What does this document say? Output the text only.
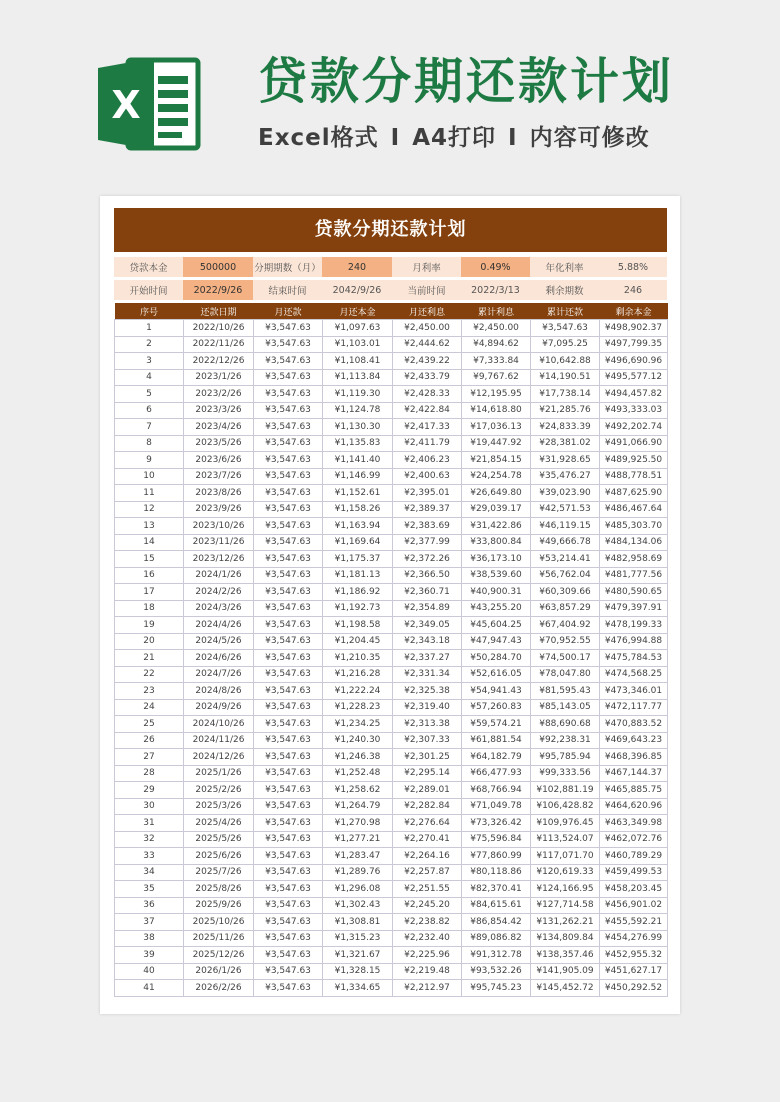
X 贷款分期还款计划
Excel格式 I A4打印 I 内容可修改
贷款分期还款计划
贷款本金	500000	分期期数（月）	240	月利率	0.49%	年化利率	5.88%
开始时间	2022/9/26	结束时间	2042/9/26	当前时间	2022/3/13	剩余期数	246
序号	还款日期	月还款	月还本金	月还利息	累计利息	累计还款	剩余本金
1	2022/10/26	¥3,547.63	¥1,097.63	¥2,450.00	¥2,450.00	¥3,547.63	¥498,902.37
2	2022/11/26	¥3,547.63	¥1,103.01	¥2,444.62	¥4,894.62	¥7,095.25	¥497,799.35
3	2022/12/26	¥3,547.63	¥1,108.41	¥2,439.22	¥7,333.84	¥10,642.88	¥496,690.96
4	2023/1/26	¥3,547.63	¥1,113.84	¥2,433.79	¥9,767.62	¥14,190.51	¥495,577.12
5	2023/2/26	¥3,547.63	¥1,119.30	¥2,428.33	¥12,195.95	¥17,738.14	¥494,457.82
6	2023/3/26	¥3,547.63	¥1,124.78	¥2,422.84	¥14,618.80	¥21,285.76	¥493,333.03
7	2023/4/26	¥3,547.63	¥1,130.30	¥2,417.33	¥17,036.13	¥24,833.39	¥492,202.74
8	2023/5/26	¥3,547.63	¥1,135.83	¥2,411.79	¥19,447.92	¥28,381.02	¥491,066.90
9	2023/6/26	¥3,547.63	¥1,141.40	¥2,406.23	¥21,854.15	¥31,928.65	¥489,925.50
10	2023/7/26	¥3,547.63	¥1,146.99	¥2,400.63	¥24,254.78	¥35,476.27	¥488,778.51
11	2023/8/26	¥3,547.63	¥1,152.61	¥2,395.01	¥26,649.80	¥39,023.90	¥487,625.90
12	2023/9/26	¥3,547.63	¥1,158.26	¥2,389.37	¥29,039.17	¥42,571.53	¥486,467.64
13	2023/10/26	¥3,547.63	¥1,163.94	¥2,383.69	¥31,422.86	¥46,119.15	¥485,303.70
14	2023/11/26	¥3,547.63	¥1,169.64	¥2,377.99	¥33,800.84	¥49,666.78	¥484,134.06
15	2023/12/26	¥3,547.63	¥1,175.37	¥2,372.26	¥36,173.10	¥53,214.41	¥482,958.69
16	2024/1/26	¥3,547.63	¥1,181.13	¥2,366.50	¥38,539.60	¥56,762.04	¥481,777.56
17	2024/2/26	¥3,547.63	¥1,186.92	¥2,360.71	¥40,900.31	¥60,309.66	¥480,590.65
18	2024/3/26	¥3,547.63	¥1,192.73	¥2,354.89	¥43,255.20	¥63,857.29	¥479,397.91
19	2024/4/26	¥3,547.63	¥1,198.58	¥2,349.05	¥45,604.25	¥67,404.92	¥478,199.33
20	2024/5/26	¥3,547.63	¥1,204.45	¥2,343.18	¥47,947.43	¥70,952.55	¥476,994.88
21	2024/6/26	¥3,547.63	¥1,210.35	¥2,337.27	¥50,284.70	¥74,500.17	¥475,784.53
22	2024/7/26	¥3,547.63	¥1,216.28	¥2,331.34	¥52,616.05	¥78,047.80	¥474,568.25
23	2024/8/26	¥3,547.63	¥1,222.24	¥2,325.38	¥54,941.43	¥81,595.43	¥473,346.01
24	2024/9/26	¥3,547.63	¥1,228.23	¥2,319.40	¥57,260.83	¥85,143.05	¥472,117.77
25	2024/10/26	¥3,547.63	¥1,234.25	¥2,313.38	¥59,574.21	¥88,690.68	¥470,883.52
26	2024/11/26	¥3,547.63	¥1,240.30	¥2,307.33	¥61,881.54	¥92,238.31	¥469,643.23
27	2024/12/26	¥3,547.63	¥1,246.38	¥2,301.25	¥64,182.79	¥95,785.94	¥468,396.85
28	2025/1/26	¥3,547.63	¥1,252.48	¥2,295.14	¥66,477.93	¥99,333.56	¥467,144.37
29	2025/2/26	¥3,547.63	¥1,258.62	¥2,289.01	¥68,766.94	¥102,881.19	¥465,885.75
30	2025/3/26	¥3,547.63	¥1,264.79	¥2,282.84	¥71,049.78	¥106,428.82	¥464,620.96
31	2025/4/26	¥3,547.63	¥1,270.98	¥2,276.64	¥73,326.42	¥109,976.45	¥463,349.98
32	2025/5/26	¥3,547.63	¥1,277.21	¥2,270.41	¥75,596.84	¥113,524.07	¥462,072.76
33	2025/6/26	¥3,547.63	¥1,283.47	¥2,264.16	¥77,860.99	¥117,071.70	¥460,789.29
34	2025/7/26	¥3,547.63	¥1,289.76	¥2,257.87	¥80,118.86	¥120,619.33	¥459,499.53
35	2025/8/26	¥3,547.63	¥1,296.08	¥2,251.55	¥82,370.41	¥124,166.95	¥458,203.45
36	2025/9/26	¥3,547.63	¥1,302.43	¥2,245.20	¥84,615.61	¥127,714.58	¥456,901.02
37	2025/10/26	¥3,547.63	¥1,308.81	¥2,238.82	¥86,854.42	¥131,262.21	¥455,592.21
38	2025/11/26	¥3,547.63	¥1,315.23	¥2,232.40	¥89,086.82	¥134,809.84	¥454,276.99
39	2025/12/26	¥3,547.63	¥1,321.67	¥2,225.96	¥91,312.78	¥138,357.46	¥452,955.32
40	2026/1/26	¥3,547.63	¥1,328.15	¥2,219.48	¥93,532.26	¥141,905.09	¥451,627.17
41	2026/2/26	¥3,547.63	¥1,334.65	¥2,212.97	¥95,745.23	¥145,452.72	¥450,292.52
